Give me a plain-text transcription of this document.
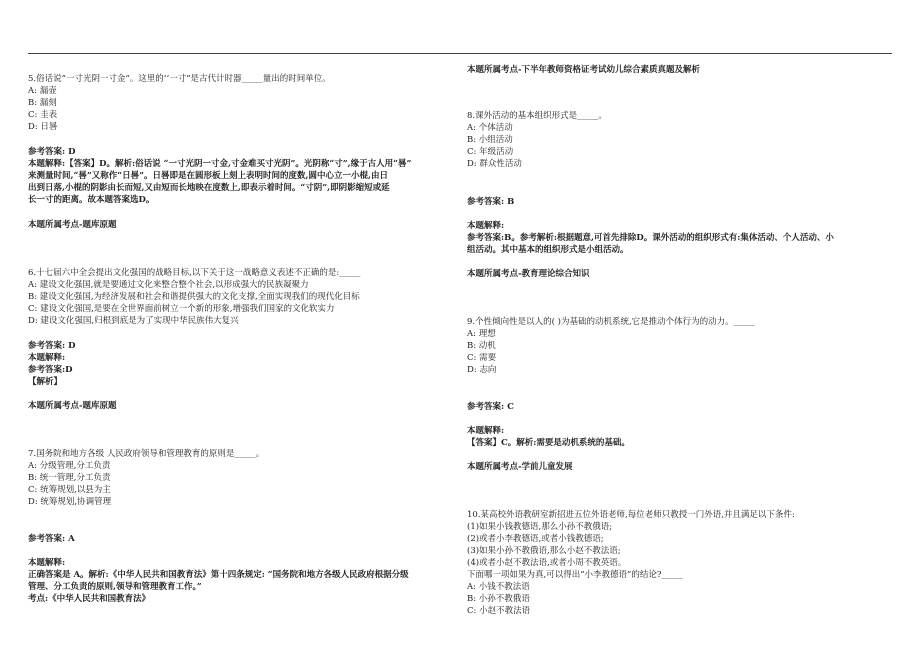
5.俗话说“一寸光阴一寸金”。这里的‘‘一寸”是古代计时器_____量出的时间单位。
A: 漏壶
B: 漏刻
C: 圭表
D: 日晷
参考答案: D
本题解释:【答案】D。解析:俗话说 “一寸光阴一寸金,寸金难买寸光阴”。光阴称“寸”,缘于古人用“晷”
来测量时间,“晷”又称作“日晷”。日晷即是在圆形板上刻上表明时间的度数,圆中心立一小棍,由日
出到日落,小棍的阴影由长而短,又由短而长地映在度数上,即表示着时间。“寸阴”,即阴影缩短或延
长一寸的距离。故本题答案选D。
本题所属考点-题库原题
6.十七届六中全会提出文化强国的战略目标,以下关于这一战略意义表述不正确的是:_____
A: 建设文化强国,就是要通过文化来整合整个社会,以形成强大的民族凝聚力
B: 建设文化强国,为经济发展和社会和谐提供强大的文化支撑,全面实现我们的现代化目标
C: 建设文化强国,是要在全世界面前树立一个新的形象,增强我们国家的文化软实力
D: 建设文化强国,归根到底是为了实现中华民族伟大复兴
参考答案: D
本题解释:
参考答案:D
【解析】
本题所属考点-题库原题
7.国务院和地方各级 人民政府领导和管理教育的原则是_____。
A: 分级管理,分工负责
B: 统一管理,分工负责
C: 统筹规划,以县为主
D: 统筹规划,协调管理
参考答案: A
本题解释:
正确答案是 A。解析:《中华人民共和国教育法》第十四条规定: “国务院和地方各级人民政府根据分级
管理、分工负责的原则,领导和管理教育工作。”
考点:《中华人民共和国教育法》
本题所属考点-下半年教师资格证考试幼儿综合素质真题及解析
8.课外活动的基本组织形式是_____。
A: 个体活动
B: 小组活动
C: 年级活动
D: 群众性活动
参考答案: B
本题解释:
参考答案:B。参考解析:根据题意,可首先排除D。课外活动的组织形式有:集体活动、个人活动、小
组活动。其中基本的组织形式是小组活动。
本题所属考点-教育理论综合知识
9.个性倾向性是以人的( )为基础的动机系统,它是推动个体行为的动力。_____
A: 理想
B: 动机
C: 需要
D: 志向
参考答案: C
本题解释:
【答案】C。解析:需要是动机系统的基础。
本题所属考点-学前儿童发展
10.某高校外语教研室新招进五位外语老师,每位老师只教授一门外语,并且满足以下条件:
(1)如果小钱教德语,那么小孙不教俄语;
(2)或者小李教德语,或者小钱教德语;
(3)如果小孙不教俄语,那么小赵不教法语;
(4)或者小赵不教法语,或者小周不教英语。
下面哪一项如果为真,可以得出“小李教德语”的结论?_____
A: 小钱不教法语
B: 小孙不教俄语
C: 小赵不教法语
